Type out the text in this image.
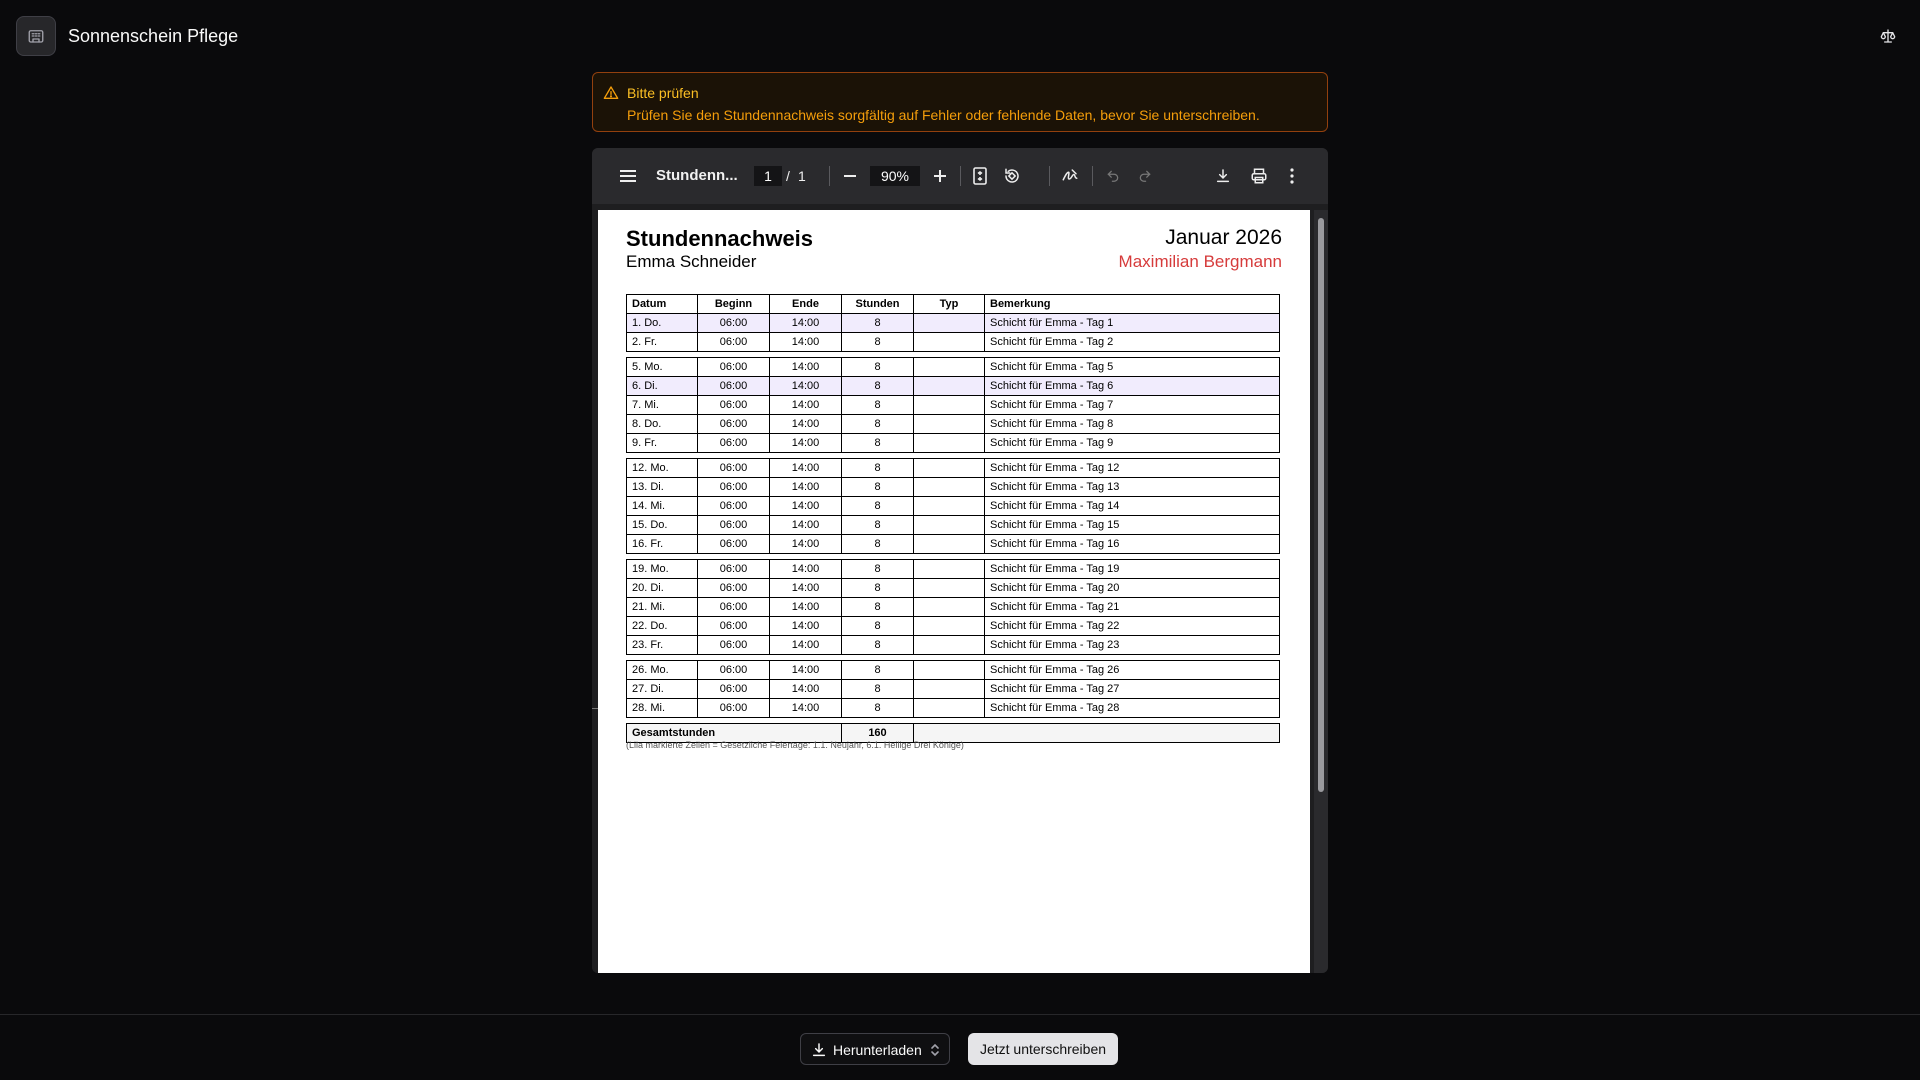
Sonnenschein Pflege
Bitte prüfen
Prüfen Sie den Stundennachweis sorgfältig auf Fehler oder fehlende Daten, bevor Sie unterschreiben.
Stundenn...	1	/ 1	90%
Stundennachweis
Emma Schneider
Januar 2026
Maximilian Bergmann
Datum	Beginn	Ende	Stunden	Typ	Bemerkung
1. Do.	06:00	14:00	8		Schicht für Emma - Tag 1
2. Fr.	06:00	14:00	8		Schicht für Emma - Tag 2
5. Mo.	06:00	14:00	8		Schicht für Emma - Tag 5
6. Di.	06:00	14:00	8		Schicht für Emma - Tag 6
7. Mi.	06:00	14:00	8		Schicht für Emma - Tag 7
8. Do.	06:00	14:00	8		Schicht für Emma - Tag 8
9. Fr.	06:00	14:00	8		Schicht für Emma - Tag 9
12. Mo.	06:00	14:00	8		Schicht für Emma - Tag 12
13. Di.	06:00	14:00	8		Schicht für Emma - Tag 13
14. Mi.	06:00	14:00	8		Schicht für Emma - Tag 14
15. Do.	06:00	14:00	8		Schicht für Emma - Tag 15
16. Fr.	06:00	14:00	8		Schicht für Emma - Tag 16
19. Mo.	06:00	14:00	8		Schicht für Emma - Tag 19
20. Di.	06:00	14:00	8		Schicht für Emma - Tag 20
21. Mi.	06:00	14:00	8		Schicht für Emma - Tag 21
22. Do.	06:00	14:00	8		Schicht für Emma - Tag 22
23. Fr.	06:00	14:00	8		Schicht für Emma - Tag 23
26. Mo.	06:00	14:00	8		Schicht für Emma - Tag 26
27. Di.	06:00	14:00	8		Schicht für Emma - Tag 27
28. Mi.	06:00	14:00	8		Schicht für Emma - Tag 28
Gesamtstunden	160	
(Lila markierte Zeilen = Gesetzliche Feiertage: 1.1. Neujahr, 6.1. Heilige Drei Könige)
Herunterladen	Jetzt unterschreiben
